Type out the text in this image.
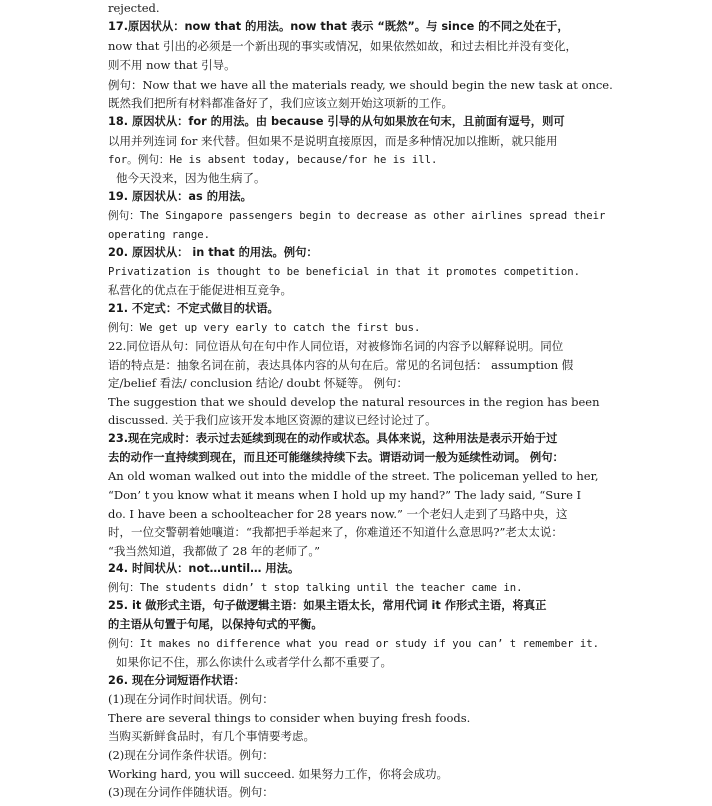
rejected.
17.原因状从：now that 的用法。now that 表示 “既然”。与 since 的不同之处在于，
now that 引出的必须是一个新出现的事实或情况，如果依然如故，和过去相比并没有变化，
则不用 now that 引导。
例句：Now that we have all the materials ready, we should begin the new task at once.
既然我们把所有材料都准备好了，我们应该立刻开始这项新的工作。
18. 原因状从：for 的用法。由 because 引导的从句如果放在句末，且前面有逗号，则可
以用并列连词 for 来代替。但如果不是说明直接原因，而是多种情况加以推断，就只能用
for。例句：He is absent today, because/for he is ill.
他今天没来，因为他生病了。
19. 原因状从：as 的用法。
例句：The Singapore passengers begin to decrease as other airlines spread their
operating range.
20. 原因状从： in that 的用法。例句：
Privatization is thought to be beneficial in that it promotes competition.
私营化的优点在于能促进相互竞争。
21. 不定式：不定式做目的状语。
例句：We get up very early to catch the first bus.
22.同位语从句：同位语从句在句中作人同位语，对被修饰名词的内容予以解释说明。同位
语的特点是：抽象名词在前，表达具体内容的从句在后。常见的名词包括： assumption 假
定/belief 看法/ conclusion 结论/ doubt 怀疑等。 例句：
The suggestion that we should develop the natural resources in the region has been
discussed. 关于我们应该开发本地区资源的建议已经讨论过了。
23.现在完成时：表示过去延续到现在的动作或状态。具体来说，这种用法是表示开始于过
去的动作一直持续到现在，而且还可能继续持续下去。谓语动词一般为延续性动词。 例句：
An old woman walked out into the middle of the street. The policeman yelled to her,
“Don’ t you know what it means when I hold up my hand?” The lady said, “Sure I
do. I have been a schoolteacher for 28 years now.” 一个老妇人走到了马路中央，这
时，一位交警朝着她嚷道：“我都把手举起来了，你难道还不知道什么意思吗?”老太太说：
“我当然知道，我都做了 28 年的老师了。”
24. 时间状从：not…until… 用法。
例句：The students didn’ t stop talking until the teacher came in.
25. it 做形式主语，句子做逻辑主语：如果主语太长，常用代词 it 作形式主语，将真正
的主语从句置于句尾，以保持句式的平衡。
例句：It makes no difference what you read or study if you can’ t remember it.
如果你记不住，那么你读什么或者学什么都不重要了。
26. 现在分词短语作状语：
(1)现在分词作时间状语。例句：
There are several things to consider when buying fresh foods.
当购买新鲜食品时，有几个事情要考虑。
(2)现在分词作条件状语。例句：
Working hard, you will succeed. 如果努力工作，你将会成功。
(3)现在分词作伴随状语。例句：
